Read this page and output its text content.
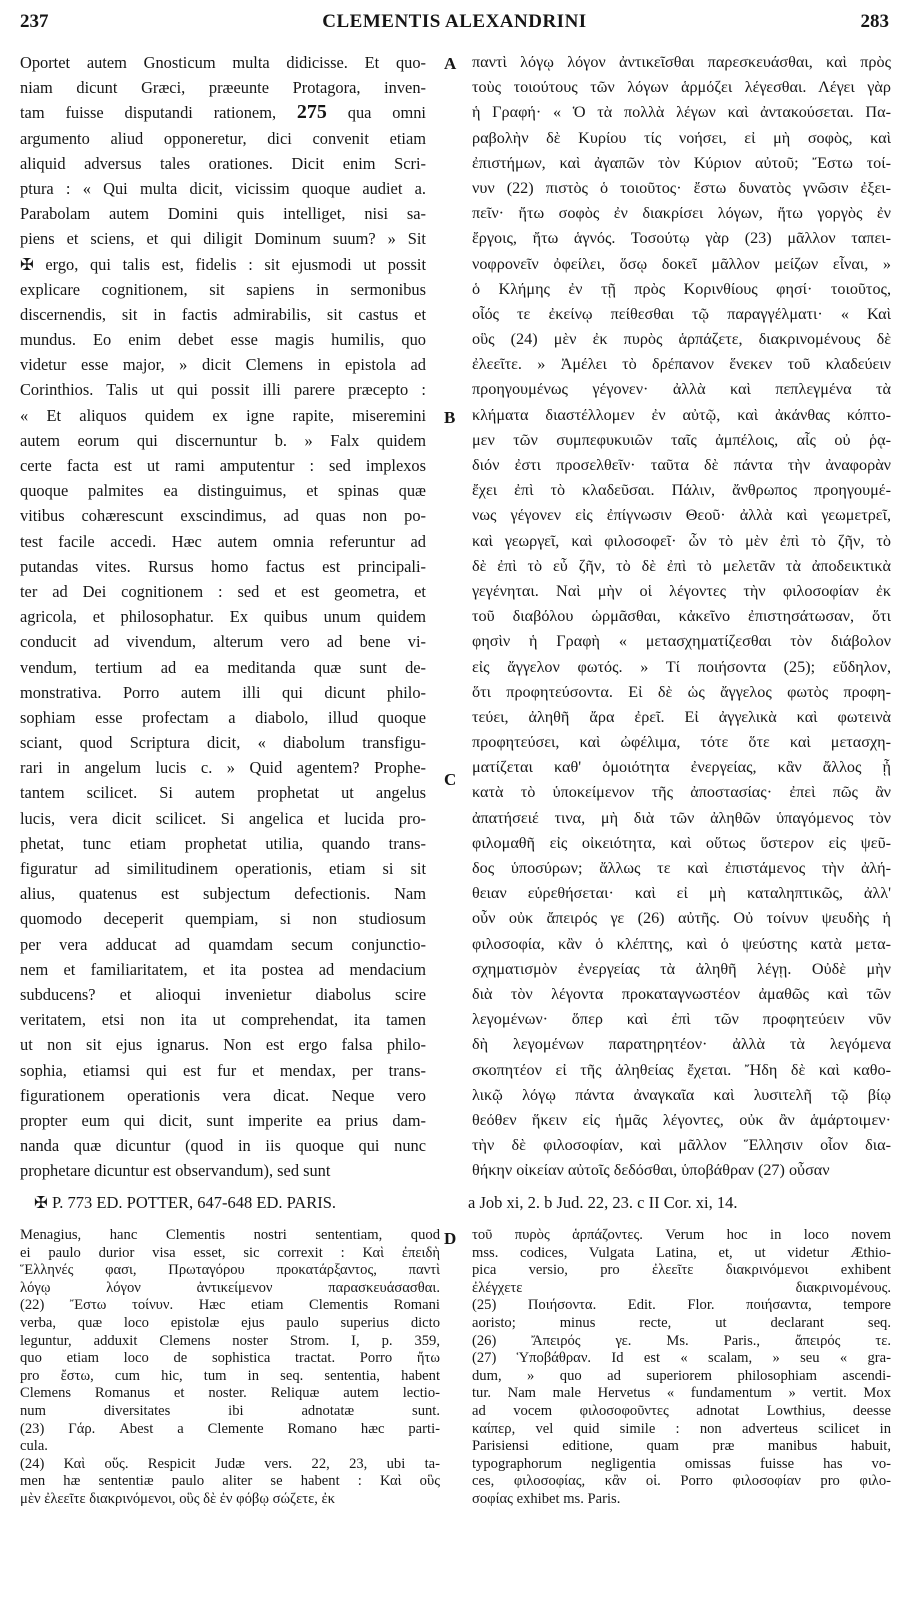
237	CLEMENTIS ALEXANDRINI	283
Oportet autem Gnosticum multa didicisse. Et quo-
niam dicunt Græci, præeunte Protagora, inven-
tam fuisse disputandi rationem, 275 qua omni
argumento aliud opponeretur, dici convenit etiam
aliquid adversus tales orationes. Dicit enim Scri-
ptura : « Qui multa dicit, vicissim quoque audiet a.
Parabolam autem Domini quis intelliget, nisi sa-
piens et sciens, et qui diligit Dominum suum? » Sit
✠ ergo, qui talis est, fidelis : sit ejusmodi ut possit
explicare cognitionem, sit sapiens in sermonibus
discernendis, sit in factis admirabilis, sit castus et
mundus. Eo enim debet esse magis humilis, quo
videtur esse major, » dicit Clemens in epistola ad
Corinthios. Talis ut qui possit illi parere præcepto :
« Et aliquos quidem ex igne rapite, miseremini
autem eorum qui discernuntur b. » Falx quidem
certe facta est ut rami amputentur : sed implexos
quoque palmites ea distinguimus, et spinas quæ
vitibus cohærescunt exscindimus, ad quas non po-
test facile accedi. Hæc autem omnia referuntur ad
putandas vites. Rursus homo factus est principali-
ter ad Dei cognitionem : sed et est geometra, et
agricola, et philosophatur. Ex quibus unum quidem
conducit ad vivendum, alterum vero ad bene vi-
vendum, tertium ad ea meditanda quæ sunt de-
monstrativa. Porro autem illi qui dicunt philo-
sophiam esse profectam a diabolo, illud quoque
sciant, quod Scriptura dicit, « diabolum transfigu-
rari in angelum lucis c. » Quid agentem? Prophe-
tantem scilicet. Si autem prophetat ut angelus
lucis, vera dicit scilicet. Si angelica et lucida pro-
phetat, tunc etiam prophetat utilia, quando trans-
figuratur ad similitudinem operationis, etiam si sit
alius, quatenus est subjectum defectionis. Nam
quomodo deceperit quempiam, si non studiosum
per vera adducat ad quamdam secum conjunctio-
nem et familiaritatem, et ita postea ad mendacium
subducens? et alioqui invenietur diabolus scire
veritatem, etsi non ita ut comprehendat, ita tamen
ut non sit ejus ignarus. Non est ergo falsa philo-
sophia, etiamsi qui est fur et mendax, per trans-
figurationem operationis vera dicat. Neque vero
propter eum qui dicit, sunt imperite ea prius dam-
nanda quæ dicuntur (quod in iis quoque qui nunc
prophetare dicuntur est observandum), sed sunt
παντὶ λόγῳ λόγον ἀντικεῖσθαι παρεσκευάσθαι, καὶ πρὸς
τοὺς τοιούτους τῶν λόγων ἁρμόζει λέγεσθαι. Λέγει γὰρ
ἡ Γραφή· « Ὁ τὰ πολλὰ λέγων καὶ ἀντακούσεται. Πα-
ραβολὴν δὲ Κυρίου τίς νοήσει, εἰ μὴ σοφὸς, καὶ
ἐπιστήμων, καὶ ἀγαπῶν τὸν Κύριον αὐτοῦ; Ἔστω τοί-
νυν (22) πιστὸς ὁ τοιοῦτος· ἔστω δυνατὸς γνῶσιν ἐξει-
πεῖν· ἤτω σοφὸς ἐν διακρίσει λόγων, ἤτω γοργὸς ἐν
ἔργοις, ἤτω ἁγνός. Τοσούτῳ γὰρ (23) μᾶλλον ταπει-
νοφρονεῖν ὀφείλει, ὅσῳ δοκεῖ μᾶλλον μείζων εἶναι, »
ὁ Κλήμης ἐν τῇ πρὸς Κορινθίους φησί· τοιοῦτος,
οἷός τε ἐκείνῳ πείθεσθαι τῷ παραγγέλματι· « Καὶ
οὓς (24) μὲν ἐκ πυρὸς ἁρπάζετε, διακρινομένους δὲ
ἐλεεῖτε. » Ἀμέλει τὸ δρέπανον ἕνεκεν τοῦ κλαδεύειν
προηγουμένως γέγονεν· ἀλλὰ καὶ πεπλεγμένα τὰ
κλήματα διαστέλλομεν ἐν αὐτῷ, καὶ ἀκάνθας κόπτο-
μεν τῶν συμπεφυκυιῶν ταῖς ἀμπέλοις, αἷς οὐ ῥᾳ-
διόν ἐστι προσελθεῖν· ταῦτα δὲ πάντα τὴν ἀναφορὰν
ἔχει ἐπὶ τὸ κλαδεῦσαι. Πάλιν, ἄνθρωπος προηγουμέ-
νως γέγονεν εἰς ἐπίγνωσιν Θεοῦ· ἀλλὰ καὶ γεωμετρεῖ,
καὶ γεωργεῖ, καὶ φιλοσοφεῖ· ὧν τὸ μὲν ἐπὶ τὸ ζῆν, τὸ
δὲ ἐπὶ τὸ εὖ ζῆν, τὸ δὲ ἐπὶ τὸ μελετᾶν τὰ ἀποδεικτικὰ
γεγένηται. Ναὶ μὴν οἱ λέγοντες τὴν φιλοσοφίαν ἐκ
τοῦ διαβόλου ὡρμᾶσθαι, κἀκεῖνο ἐπιστησάτωσαν, ὅτι
φησὶν ἡ Γραφὴ « μετασχηματίζεσθαι τὸν διάβολον
εἰς ἄγγελον φωτός. » Τί ποιήσοντα (25); εὔδηλον,
ὅτι προφητεύσοντα. Εἰ δὲ ὡς ἄγγελος φωτὸς προφη-
τεύει, ἀληθῆ ἄρα ἐρεῖ. Εἰ ἀγγελικὰ καὶ φωτεινὰ
προφητεύσει, καὶ ὠφέλιμα, τότε ὅτε καὶ μετασχη-
ματίζεται καθ' ὁμοιότητα ἐνεργείας, κἂν ἄλλος ᾖ
κατὰ τὸ ὑποκείμενον τῆς ἀποστασίας· ἐπεὶ πῶς ἂν
ἀπατήσειέ τινα, μὴ διὰ τῶν ἀληθῶν ὑπαγόμενος τὸν
φιλομαθῆ εἰς οἰκειότητα, καὶ οὕτως ὕστερον εἰς ψεῦ-
δος ὑποσύρων; ἄλλως τε καὶ ἐπιστάμενος τὴν ἀλή-
θειαν εὑρεθήσεται· καὶ εἰ μὴ καταληπτικῶς, ἀλλ'
οὖν οὐκ ἄπειρός γε (26) αὐτῆς. Οὐ τοίνυν ψευδὴς ἡ
φιλοσοφία, κἂν ὁ κλέπτης, καὶ ὁ ψεύστης κατὰ μετα-
σχηματισμὸν ἐνεργείας τὰ ἀληθῆ λέγῃ. Οὐδὲ μὴν
διὰ τὸν λέγοντα προκαταγνωστέον ἀμαθῶς καὶ τῶν
λεγομένων· ὅπερ καὶ ἐπὶ τῶν προφητεύειν νῦν
δὴ λεγομένων παρατηρητέον· ἀλλὰ τὰ λεγόμενα
σκοπητέον εἰ τῆς ἀληθείας ἔχεται. Ἤδη δὲ καὶ καθο-
λικῷ λόγῳ πάντα ἀναγκαῖα καὶ λυσιτελῆ τῷ βίῳ
θεόθεν ἥκειν εἰς ἡμᾶς λέγοντες, οὐκ ἂν ἁμάρτοιμεν·
τὴν δὲ φιλοσοφίαν, καὶ μᾶλλον Ἕλλησιν οἷον δια-
θήκην οἰκείαν αὐτοῖς δεδόσθαι, ὑποβάθραν (27) οὖσαν
A
B
C
D
✠ P. 773 ED. POTTER, 647-648 ED. PARIS.	a Job xi, 2. b Jud. 22, 23. c II Cor. xi, 14.
Menagius, hanc Clementis nostri sententiam, quod
ei paulo durior visa esset, sic correxit : Καὶ ἐπειδὴ
Ἕλληνές φασι, Πρωταγόρου προκατάρξαντος, παντὶ
λόγῳ λόγον ἀντικείμενον παρασκευάσασθαι.
(22) Ἔστω τοίνυν. Hæc etiam Clementis Romani
verba, quæ loco epistolæ ejus paulo superius dicto
leguntur, adduxit Clemens noster Strom. I, p. 359,
quo etiam loco de sophistica tractat. Porro ἤτω
pro ἔστω, cum hic, tum in seq. sententia, habent
Clemens Romanus et noster. Reliquæ autem lectio-
num diversitates ibi adnotatæ sunt.
(23) Γάρ. Abest a Clemente Romano hæc parti-
cula.
(24) Καὶ οὕς. Respicit Judæ vers. 22, 23, ubi ta-
men hæ sententiæ paulo aliter se habent : Καὶ οὓς
μὲν ἐλεεῖτε διακρινόμενοι, οὓς δὲ ἐν φόβῳ σώζετε, ἐκ
τοῦ πυρὸς ἁρπάζοντες. Verum hoc in loco novem
mss. codices, Vulgata Latina, et, ut videtur Æthio-
pica versio, pro ἐλεεῖτε διακρινόμενοι exhibent
ἐλέγχετε διακρινομένους.
(25) Ποιήσοντα. Edit. Flor. ποιήσαντα, tempore
aoristo; minus recte, ut declarant seq.
(26) Ἄπειρός γε. Ms. Paris., ἄπειρός τε.
(27) Ὑποβάθραν. Id est « scalam, » seu « gra-
dum, » quo ad superiorem philosophiam ascendi-
tur. Nam male Hervetus « fundamentum » vertit. Mox
ad vocem φιλοσοφοῦντες adnotat Lowthius, deesse
καίπερ, vel quid simile : non adverteus scilicet in
Parisiensi editione, quam præ manibus habuit,
typographorum negligentia omissas fuisse has vo-
ces, φιλοσοφίας, κἂν οἱ. Porro φιλοσοφίαν pro φιλο-
σοφίας exhibet ms. Paris.
